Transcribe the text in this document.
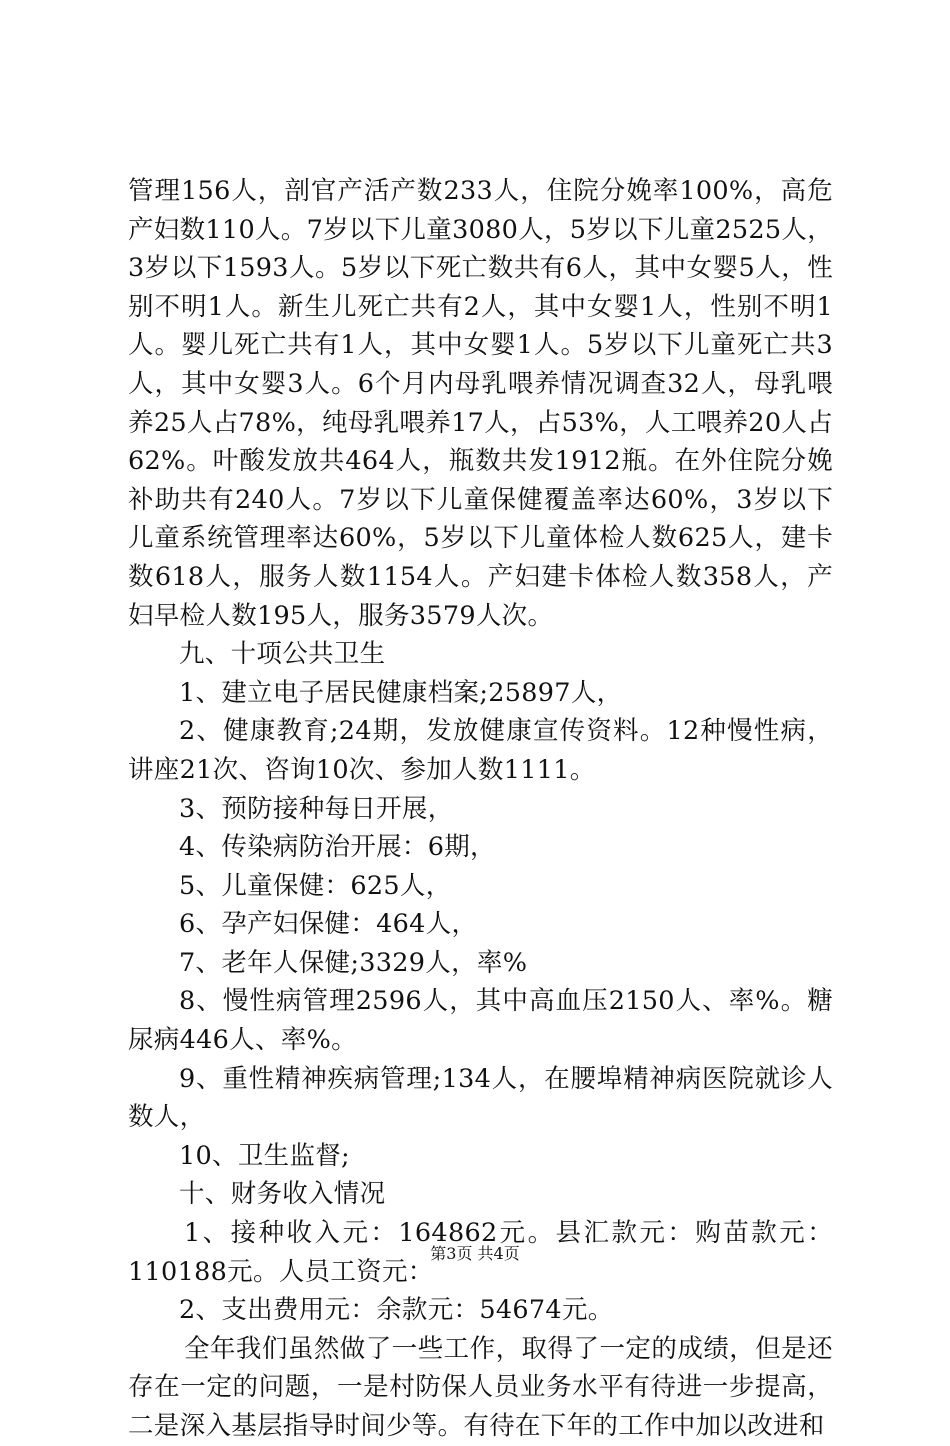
管理156人，剖官产活产数233人，住院分娩率100%，高危产妇数110人。7岁以下儿童3080人，5岁以下儿童2525人，3岁以下1593人。5岁以下死亡数共有6人，其中女婴5人，性别不明1人。新生儿死亡共有2人，其中女婴1人，性别不明1人。婴儿死亡共有1人，其中女婴1人。5岁以下儿童死亡共3人，其中女婴3人。6个月内母乳喂养情况调查32人，母乳喂养25人占78%，纯母乳喂养17人，占53%，人工喂养20人占62%。叶酸发放共464人，瓶数共发1912瓶。在外住院分娩补助共有240人。7岁以下儿童保健覆盖率达60%，3岁以下儿童系统管理率达60%，5岁以下儿童体检人数625人，建卡数618人，服务人数1154人。产妇建卡体检人数358人，产妇早检人数195人，服务3579人次。

九、十项公共卫生

1、建立电子居民健康档案;25897人，

2、健康教育;24期，发放健康宣传资料。12种慢性病，讲座21次、咨询10次、参加人数1111。

3、预防接种每日开展，

4、传染病防治开展：6期，

5、儿童保健：625人，

6、孕产妇保健：464人，

7、老年人保健;3329人，率%

8、慢性病管理2596人，其中高血压2150人、率%。糖尿病446人、率%。

9、重性精神疾病管理;134人，在腰埠精神病医院就诊人数人，

10、卫生监督;

十、财务收入情况

1、接种收入元：164862元。县汇款元：购苗款元：110188元。人员工资元：

2、支出费用元：余款元：54674元。

全年我们虽然做了一些工作，取得了一定的成绩，但是还存在一定的问题，一是村防保人员业务水平有待进一步提高，二是深入基层指导时间少等。有待在下年的工作中加以改进和

第3页 共4页
